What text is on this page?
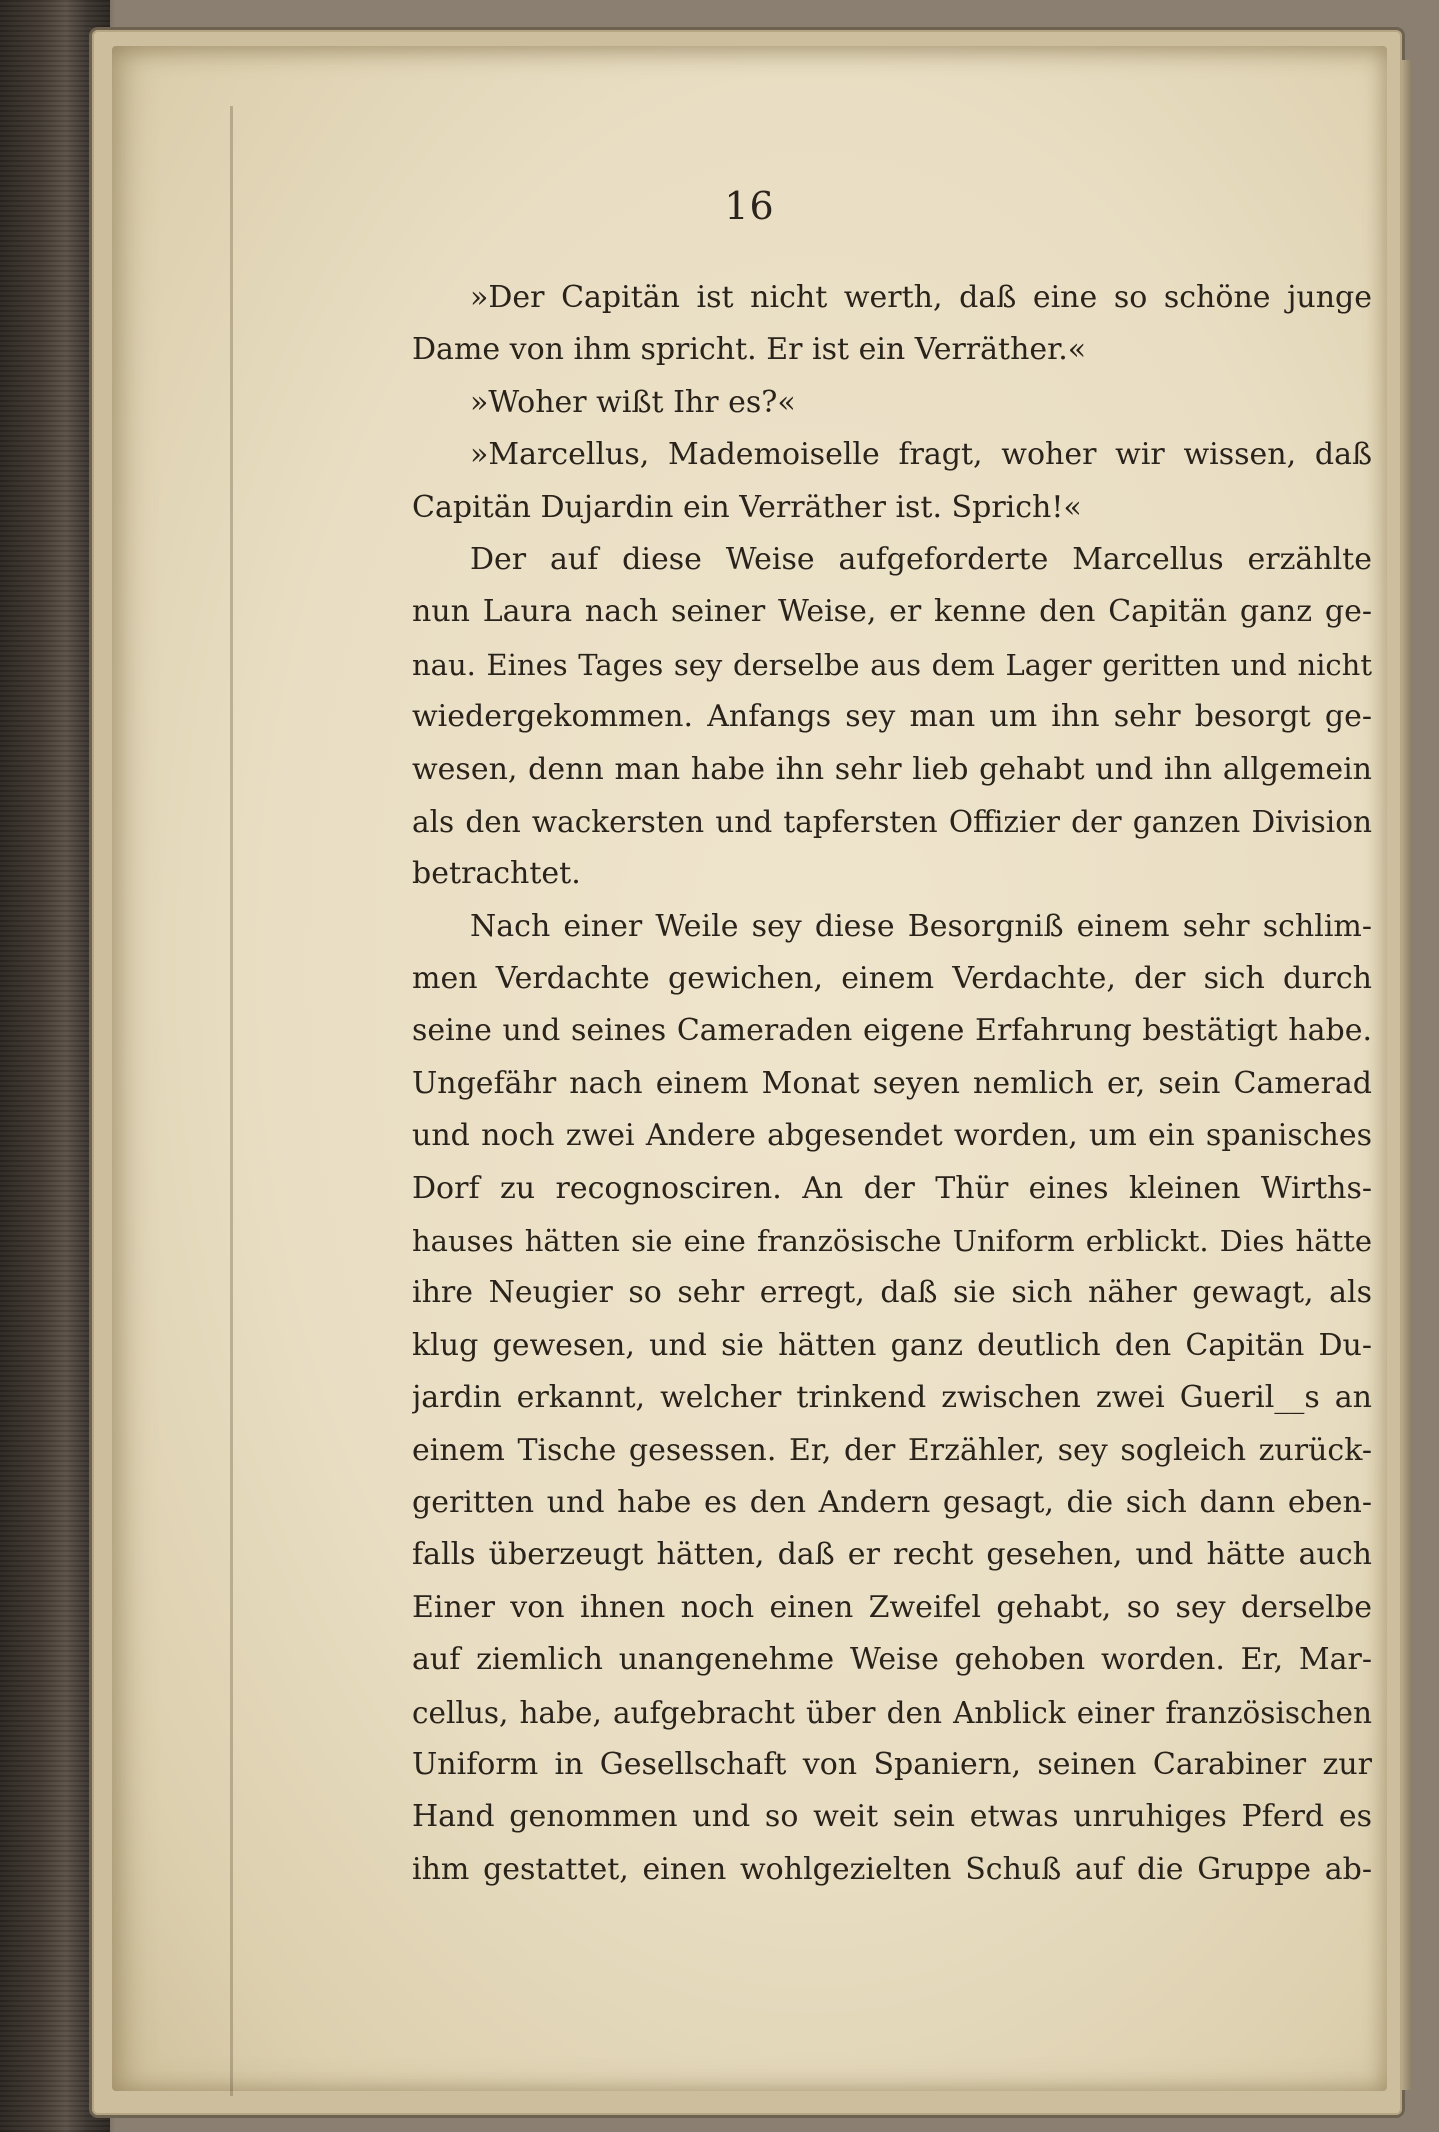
16
»Der Capitän ist nicht werth, daß eine so schöne junge
Dame von ihm spricht. Er ist ein Verräther.«
»Woher wißt Ihr es?«
»Marcellus, Mademoiselle fragt, woher wir wissen, daß
Capitän Dujardin ein Verräther ist. Sprich!«
Der auf diese Weise aufgeforderte Marcellus erzählte
nun Laura nach seiner Weise, er kenne den Capitän ganz ge-
nau. Eines Tages sey derselbe aus dem Lager geritten und nicht
wiedergekommen. Anfangs sey man um ihn sehr besorgt ge-
wesen, denn man habe ihn sehr lieb gehabt und ihn allgemein
als den wackersten und tapfersten Offizier der ganzen Division
betrachtet.
Nach einer Weile sey diese Besorgniß einem sehr schlim-
men Verdachte gewichen, einem Verdachte, der sich durch
seine und seines Cameraden eigene Erfahrung bestätigt habe.
Ungefähr nach einem Monat seyen nemlich er, sein Camerad
und noch zwei Andere abgesendet worden, um ein spanisches
Dorf zu recognosciren. An der Thür eines kleinen Wirths-
hauses hätten sie eine französische Uniform erblickt. Dies hätte
ihre Neugier so sehr erregt, daß sie sich näher gewagt, als
klug gewesen, und sie hätten ganz deutlich den Capitän Du-
jardin erkannt, welcher trinkend zwischen zwei Gueril__s an
einem Tische gesessen. Er, der Erzähler, sey sogleich zurück-
geritten und habe es den Andern gesagt, die sich dann eben-
falls überzeugt hätten, daß er recht gesehen, und hätte auch
Einer von ihnen noch einen Zweifel gehabt, so sey derselbe
auf ziemlich unangenehme Weise gehoben worden. Er, Mar-
cellus, habe, aufgebracht über den Anblick einer französischen
Uniform in Gesellschaft von Spaniern, seinen Carabiner zur
Hand genommen und so weit sein etwas unruhiges Pferd es
ihm gestattet, einen wohlgezielten Schuß auf die Gruppe ab-
